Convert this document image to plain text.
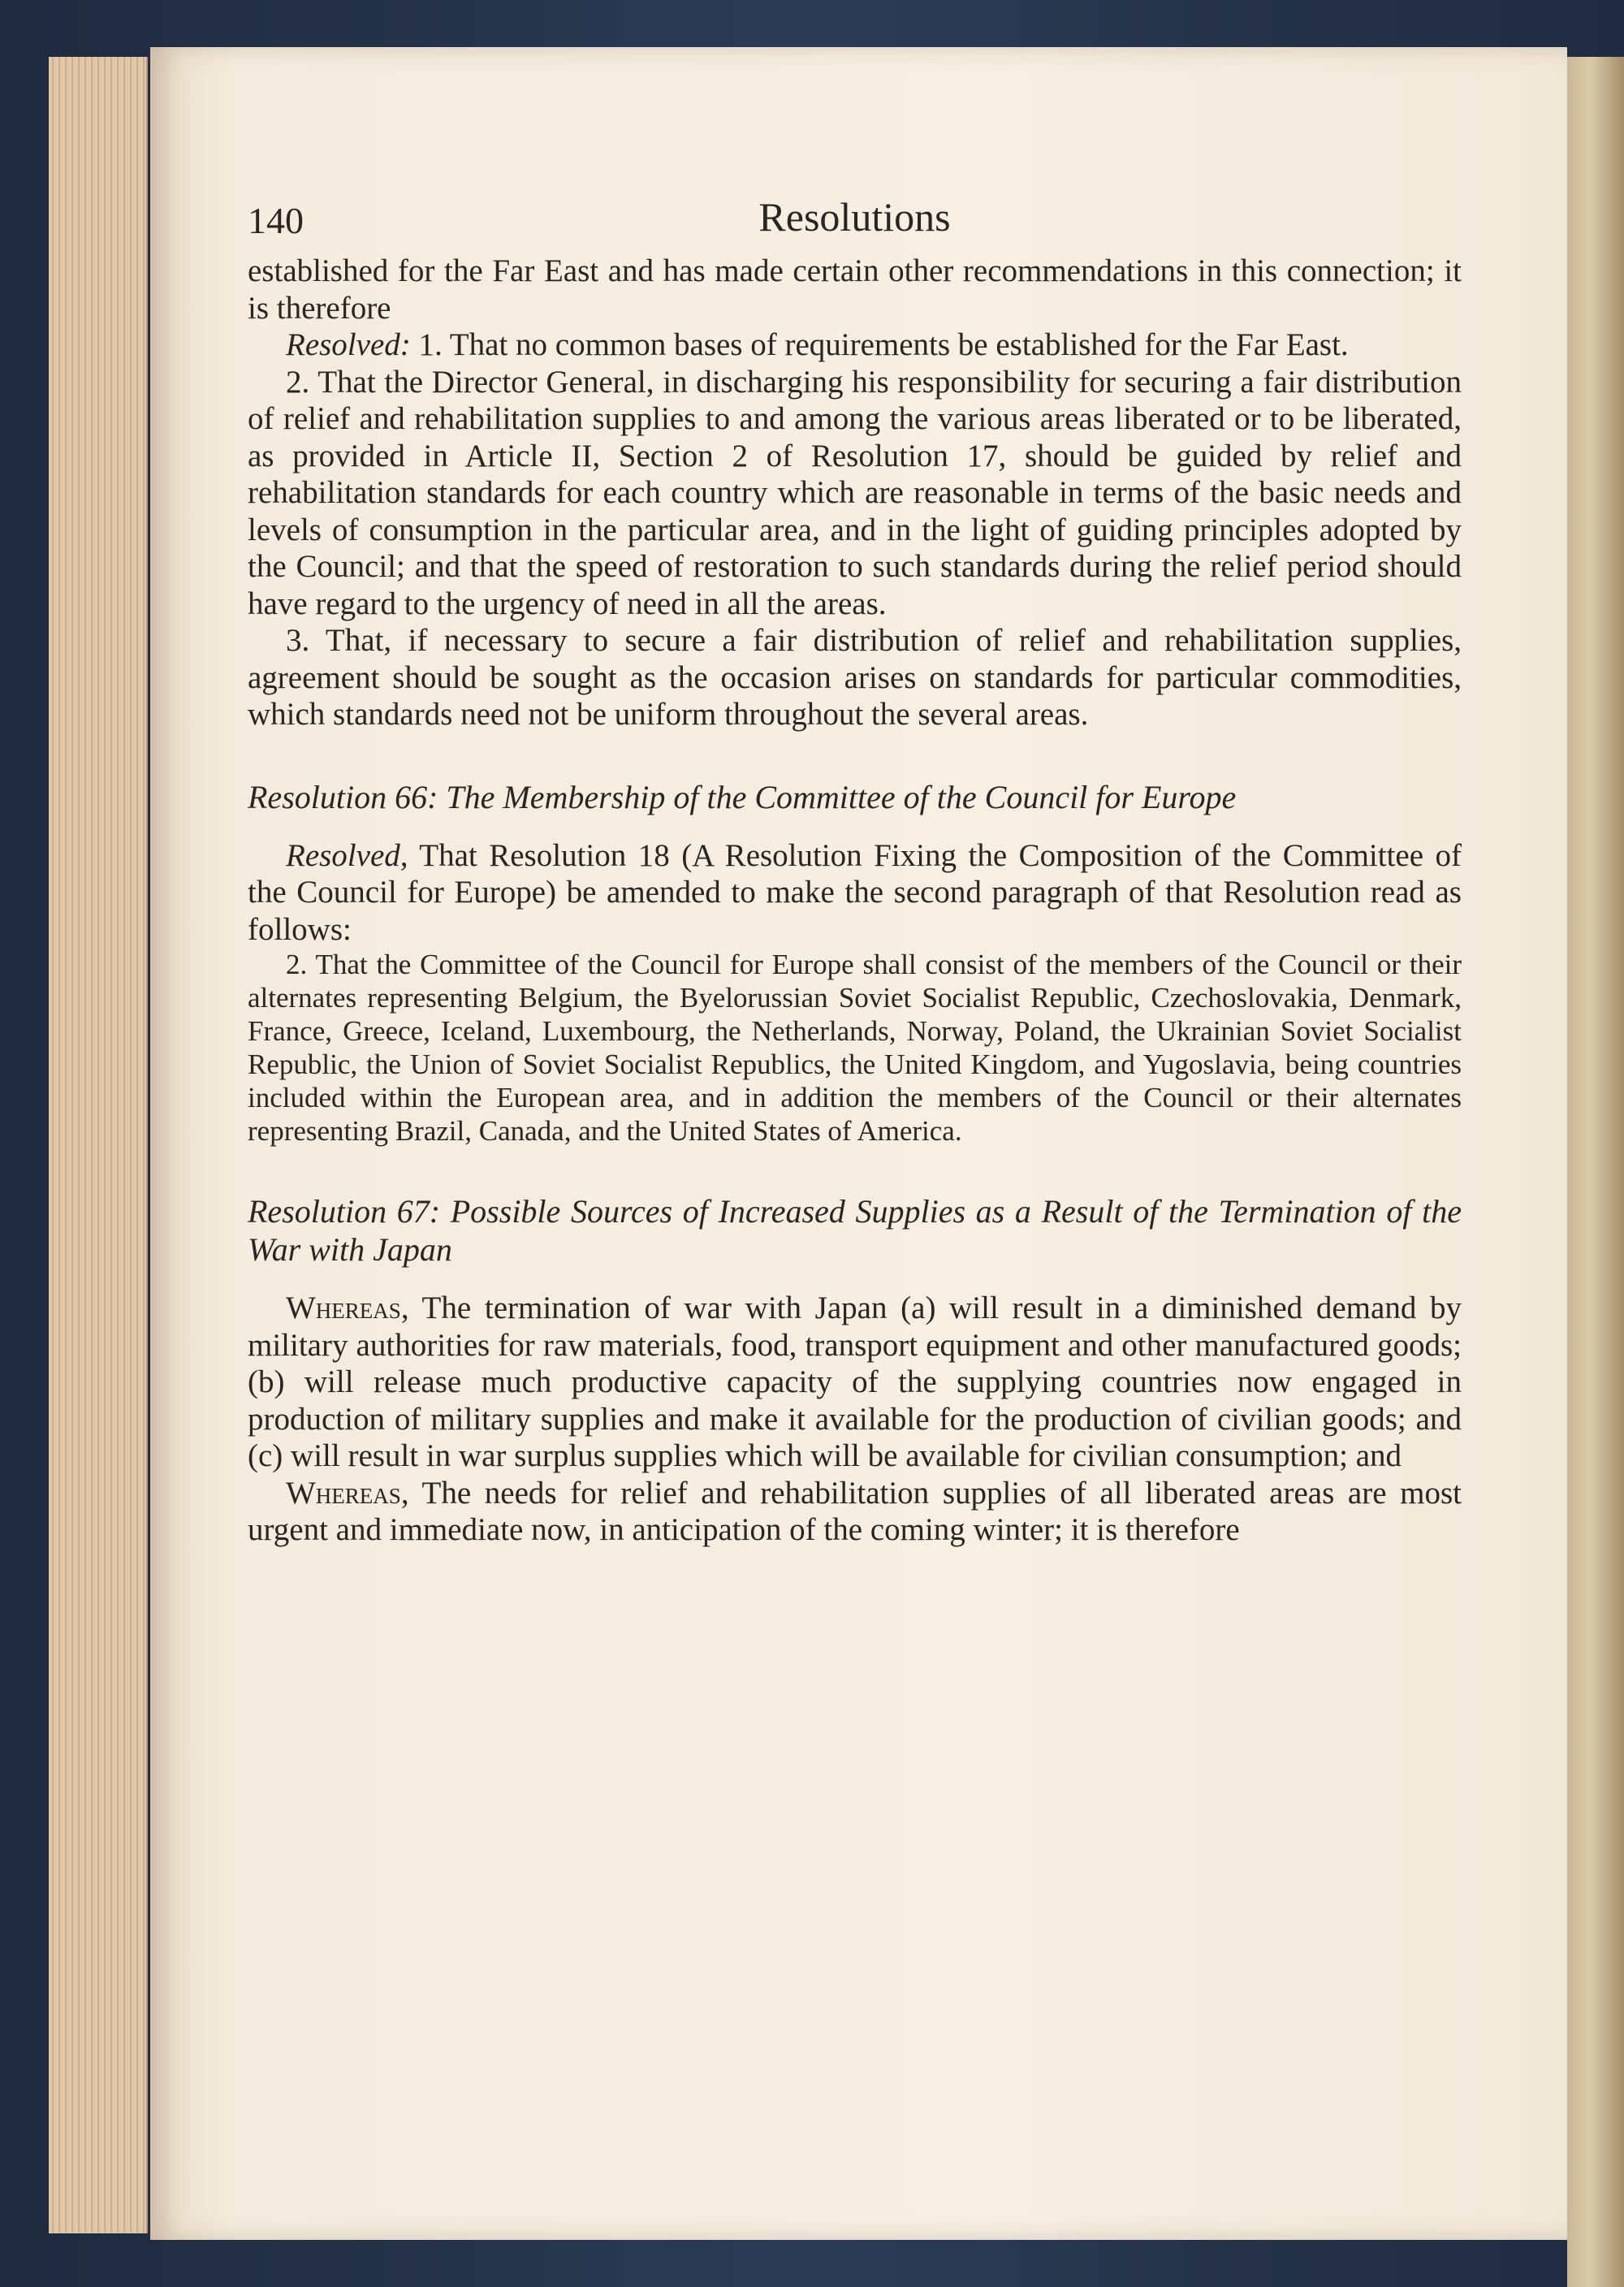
140	Resolutions

established for the Far East and has made certain other recommendations in this connection; it is therefore

Resolved: 1. That no common bases of requirements be established for the Far East.

2. That the Director General, in discharging his responsibility for securing a fair distribution of relief and rehabilitation supplies to and among the various areas liberated or to be liberated, as provided in Article II, Section 2 of Resolution 17, should be guided by relief and rehabilitation standards for each country which are reasonable in terms of the basic needs and levels of consumption in the particular area, and in the light of guiding principles adopted by the Council; and that the speed of restoration to such standards during the relief period should have regard to the urgency of need in all the areas.

3. That, if necessary to secure a fair distribution of relief and rehabilitation supplies, agreement should be sought as the occasion arises on standards for particular commodities, which standards need not be uniform throughout the several areas.

Resolution 66: The Membership of the Committee of the Council for Europe

Resolved, That Resolution 18 (A Resolution Fixing the Composition of the Committee of the Council for Europe) be amended to make the second paragraph of that Resolution read as follows:

2. That the Committee of the Council for Europe shall consist of the members of the Council or their alternates representing Belgium, the Byelorussian Soviet Socialist Republic, Czechoslovakia, Denmark, France, Greece, Iceland, Luxembourg, the Netherlands, Norway, Poland, the Ukrainian Soviet Socialist Republic, the Union of Soviet Socialist Republics, the United Kingdom, and Yugoslavia, being countries included within the European area, and in addition the members of the Council or their alternates representing Brazil, Canada, and the United States of America.

Resolution 67: Possible Sources of Increased Supplies as a Result of the Termination of the War with Japan

Whereas, The termination of war with Japan (a) will result in a diminished demand by military authorities for raw materials, food, transport equipment and other manufactured goods; (b) will release much productive capacity of the supplying countries now engaged in production of military supplies and make it available for the production of civilian goods; and (c) will result in war surplus supplies which will be available for civilian consumption; and

Whereas, The needs for relief and rehabilitation supplies of all liberated areas are most urgent and immediate now, in anticipation of the coming winter; it is therefore
